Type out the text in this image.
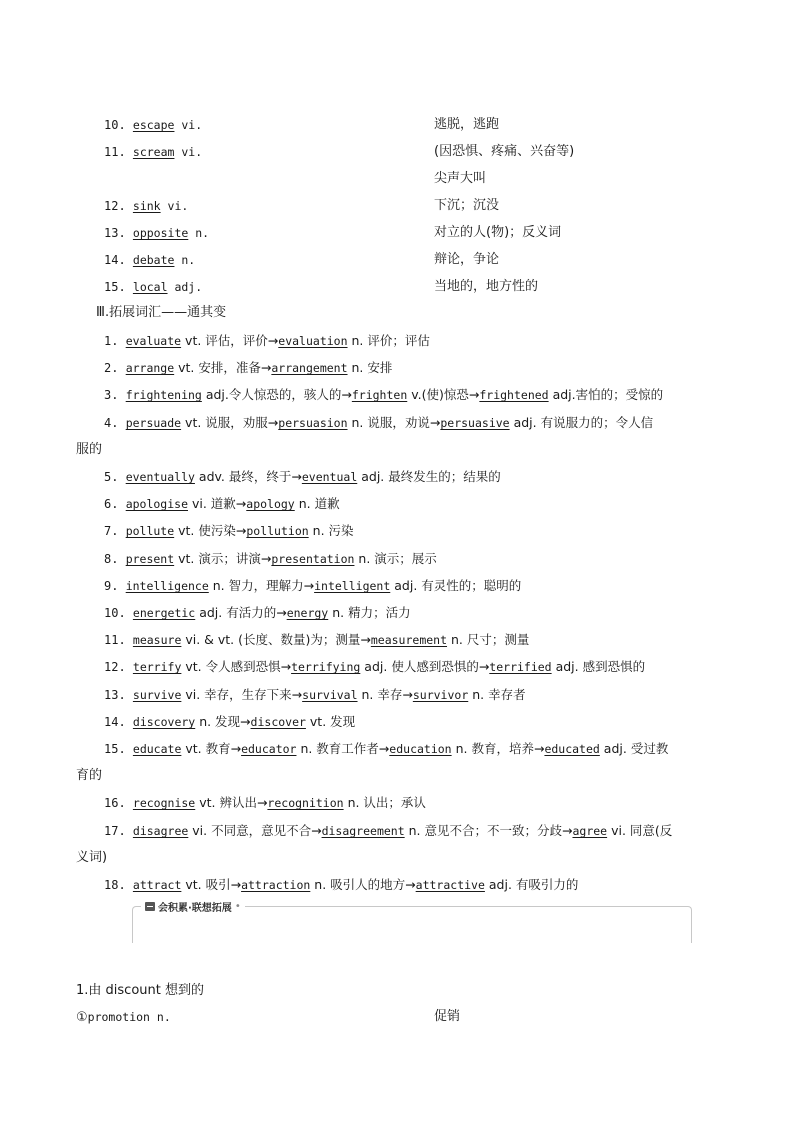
10. escape vi.	逃脱，逃跑
11. scream vi.	(因恐惧、疼痛、兴奋等)
尖声大叫
12. sink vi.	下沉；沉没
13. opposite n.	对立的人(物)；反义词
14. debate n.	辩论，争论
15. local adj.	当地的，地方性的
Ⅲ.拓展词汇——通其变
1. evaluate vt. 评估，评价→evaluation n. 评价；评估
2. arrange vt. 安排，准备→arrangement n. 安排
3. frightening adj.令人惊恐的，骇人的→frighten v.(使)惊恐→frightened adj.害怕的；受惊的
4. persuade vt. 说服，劝服→persuasion n. 说服，劝说→persuasive adj. 有说服力的；令人信
服的
5. eventually adv. 最终，终于→eventual adj. 最终发生的；结果的
6. apologise vi. 道歉→apology n. 道歉
7. pollute vt. 使污染→pollution n. 污染
8. present vt. 演示；讲演→presentation n. 演示；展示
9. intelligence n. 智力，理解力→intelligent adj. 有灵性的；聪明的
10. energetic adj. 有活力的→energy n. 精力；活力
11. measure vi. & vt. (长度、数量)为；测量→measurement n. 尺寸；测量
12. terrify vt. 令人感到恐惧→terrifying adj. 使人感到恐惧的→terrified adj. 感到恐惧的
13. survive vi. 幸存，生存下来→survival n. 幸存→survivor n. 幸存者
14. discovery n. 发现→discover vt. 发现
15. educate vt. 教育→educator n. 教育工作者→education n. 教育，培养→educated adj. 受过教
育的
16. recognise vt. 辨认出→recognition n. 认出；承认
17. disagree vi. 不同意，意见不合→disagreement n. 意见不合；不一致；分歧→agree vi. 同意(反
义词)
18. attract vt. 吸引→attraction n. 吸引人的地方→attractive adj. 有吸引力的
会积累·联想拓展 •
1.由 discount 想到的
①promotion n.	促销
